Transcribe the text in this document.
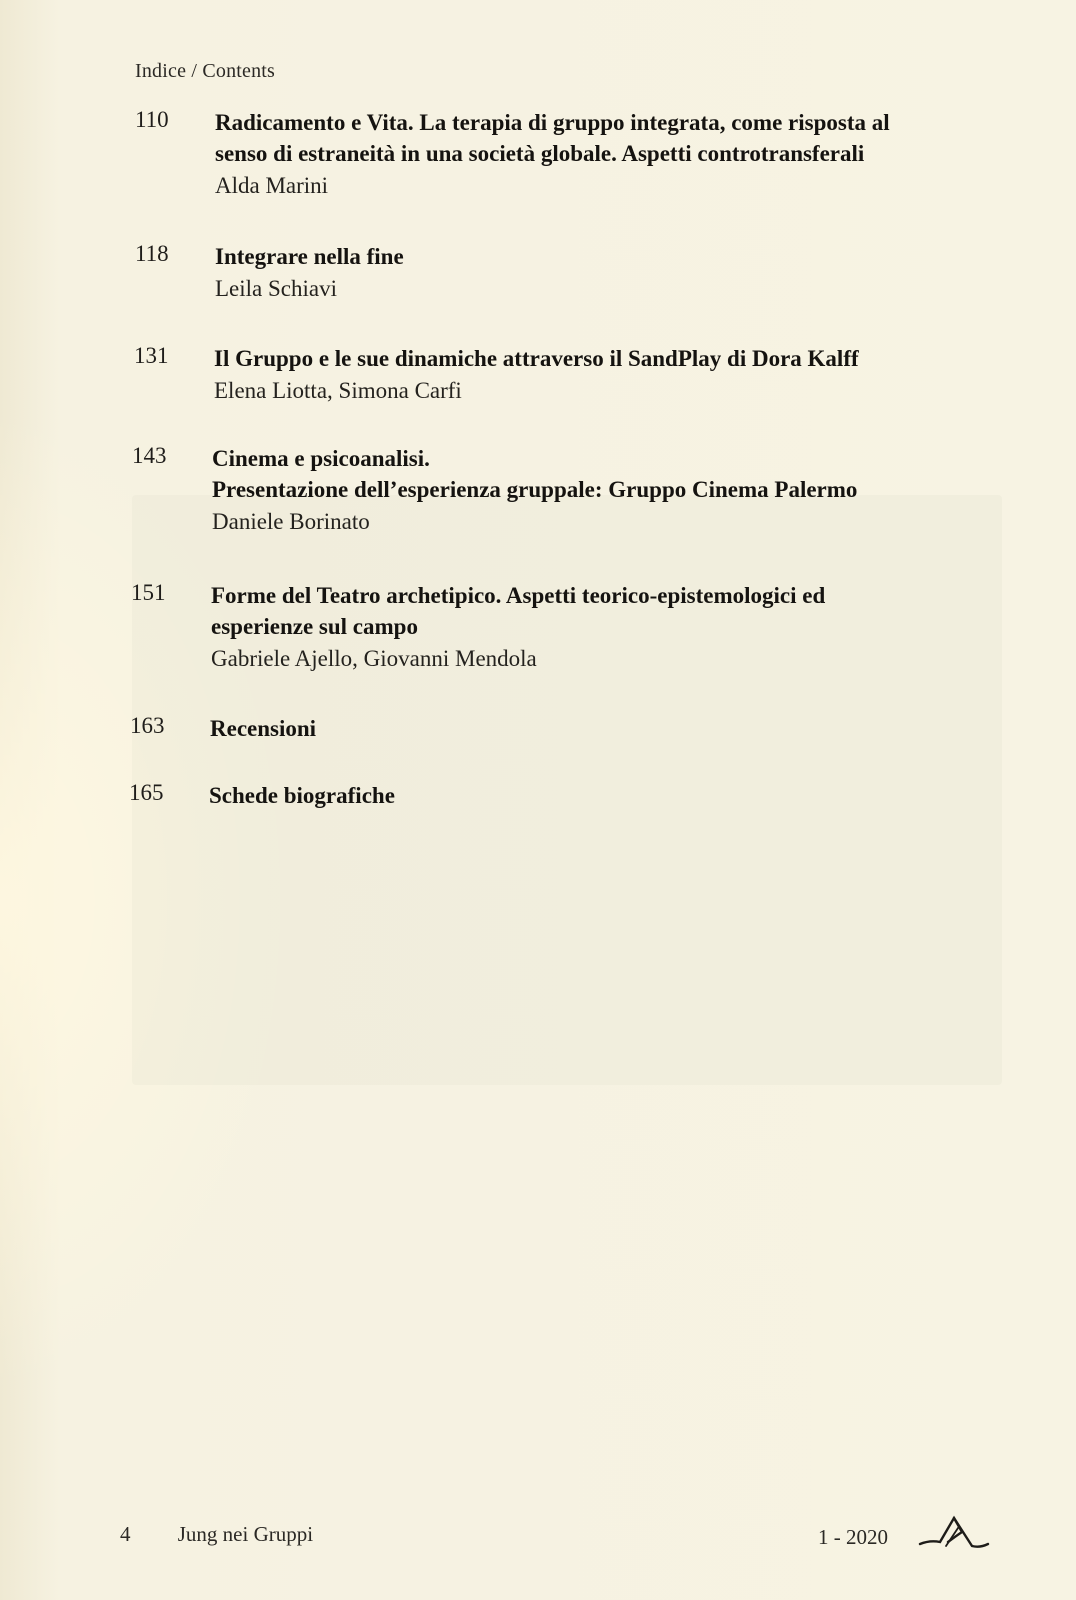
Indice / Contents
110 Radicamento e Vita. La terapia di gruppo integrata, come risposta al
senso di estraneità in una società globale. Aspetti controtransferali
Alda Marini
118 Integrare nella fine
Leila Schiavi
131 Il Gruppo e le sue dinamiche attraverso il SandPlay di Dora Kalff
Elena Liotta, Simona Carfi
143 Cinema e psicoanalisi.
Presentazione dell’esperienza gruppale: Gruppo Cinema Palermo
Daniele Borinato
151 Forme del Teatro archetipico. Aspetti teorico-epistemologici ed
esperienze sul campo
Gabriele Ajello, Giovanni Mendola
163 Recensioni
165 Schede biografiche
4 Jung nei Gruppi	1 - 2020
